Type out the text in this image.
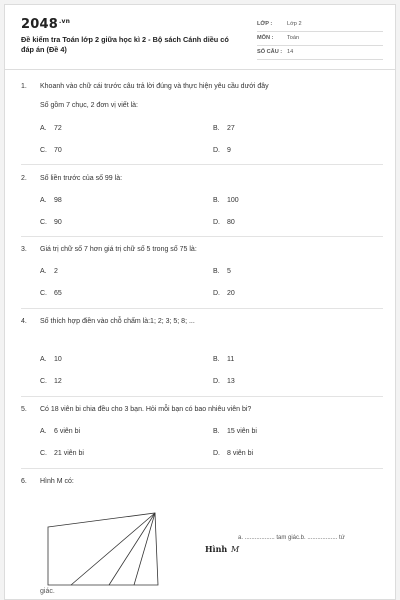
$2048^{.vn}$
Đề kiểm tra Toán lớp 2 giữa học kì 2 - Bộ sách Cánh diều có đáp án (Đề 4)
LỚP :	Lớp 2
MÔN : Toán
SỐ CÂU : 14
1. Khoanh vào chữ cái trước câu trả lời đúng và thực hiện yêu cầu dưới đây
Số gồm 7 chục, 2 đơn vị viết là:
A. 72	B. 27
C. 70	D. 9
2. Số liền trước của số 99 là:
A. 98	B. 100
C. 90	D. 80
3. Giá trị chữ số 7 hơn giá trị chữ số 5 trong số 75 là:
A. 2	B. 5
C. 65	D. 20
4. Số thích hợp điền vào chỗ chấm là:1; 2; 3; 5; 8; ...
A. 10	B. 11
C. 12	D. 13
5. Có 18 viên bi chia đều cho 3 bạn. Hỏi mỗi bạn có bao nhiêu viên bi?
A. 6 viên bi	B. 15 viên bi
C. 21 viên bi	D. 8 viên bi
6. Hình M có:
Hình M
a. .................. tam giác.b. .................. tứ
giác.
